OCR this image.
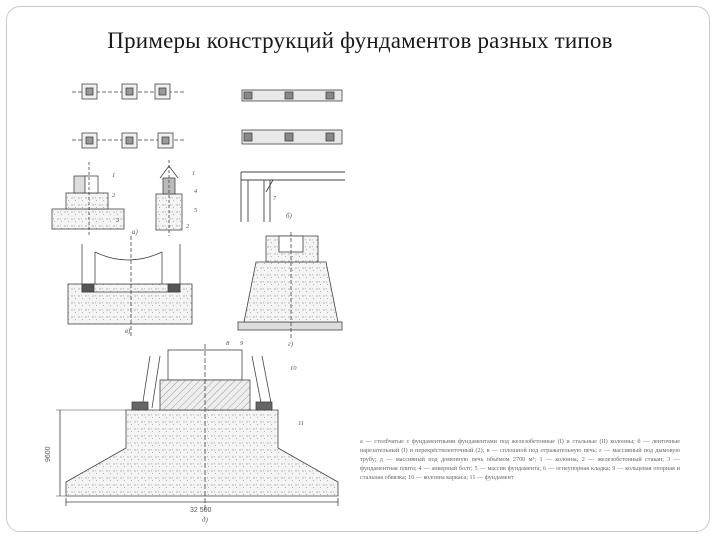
Примеры конструкций фундаментов разных типов
а)
б)
в)
г)
д)
9600
32 500
1
2
3
1
4
5
2
7
8 9
10
11
а — столбчатые с фундаментными фундаментами под железобетонные (I) и стальные (II) колонны; б — ленточные нарезательный (I) и перекрёстнленточный (2); в — сплошной под отражательную печь; г — массивный под дымовую трубу; д — массивный под доменную печь объёмом 2700 м³; 1 — колонна; 2 — железобетонный стакан; 3 — фундаментная плита; 4 — анкерный болт; 5 — массив фундамента; 6 — огнеупорная кладка; 9 — кольцевая опорная и стальная обвязка; 10 — колонна каркаса; 11 — фундамент
